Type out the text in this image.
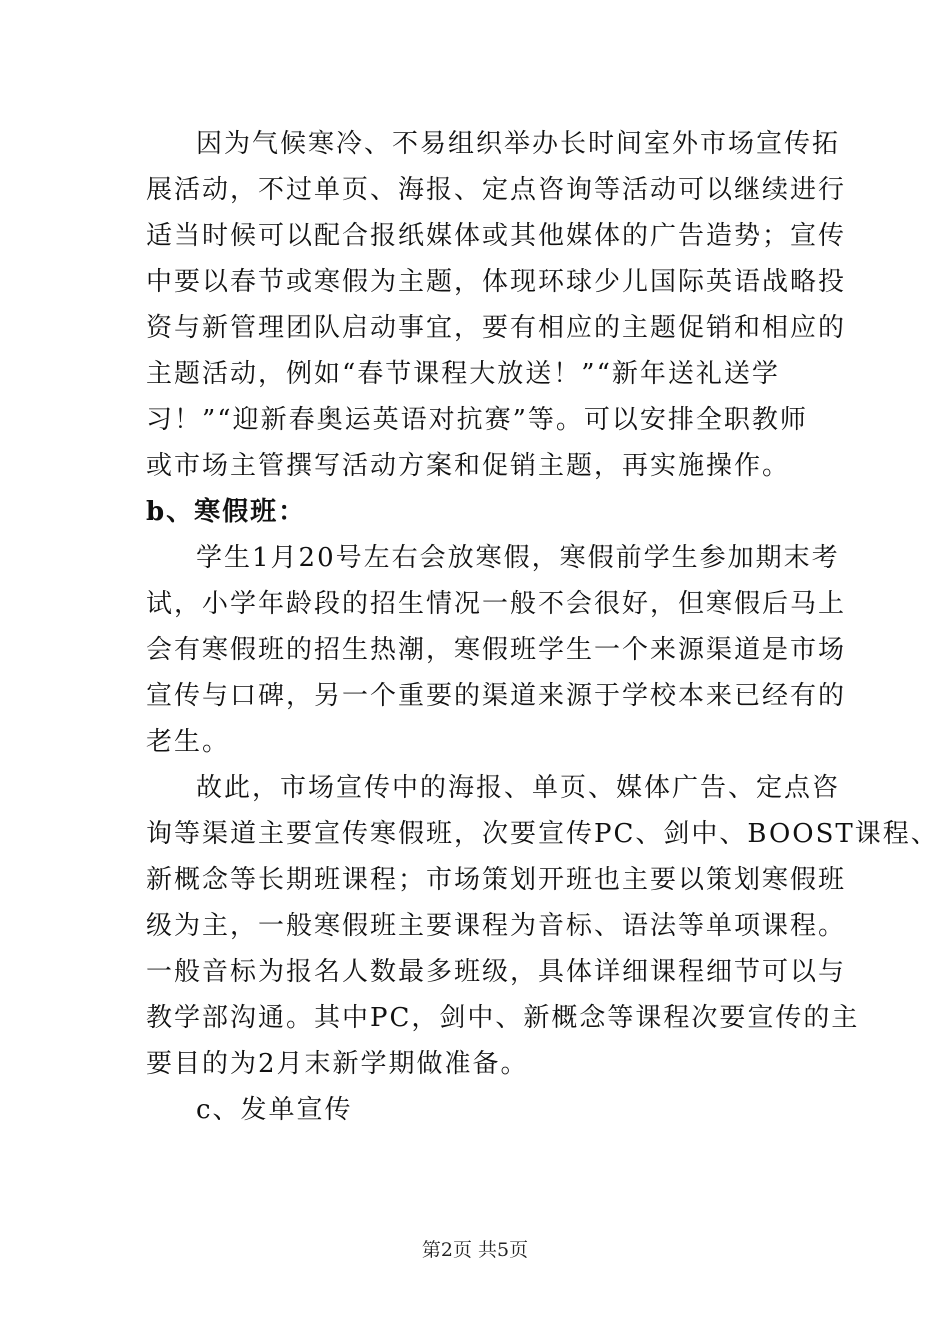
因为气候寒冷、不易组织举办长时间室外市场宣传拓
展活动，不过单页、海报、定点咨询等活动可以继续进行
适当时候可以配合报纸媒体或其他媒体的广告造势；宣传
中要以春节或寒假为主题，体现环球少儿国际英语战略投
资与新管理团队启动事宜，要有相应的主题促销和相应的
主题活动，例如“春节课程大放送！”“新年送礼送学
习！”“迎新春奥运英语对抗赛”等。可以安排全职教师
或市场主管撰写活动方案和促销主题，再实施操作。
b、寒假班：
学生1月20号左右会放寒假，寒假前学生参加期末考
试，小学年龄段的招生情况一般不会很好，但寒假后马上
会有寒假班的招生热潮，寒假班学生一个来源渠道是市场
宣传与口碑，另一个重要的渠道来源于学校本来已经有的
老生。
故此，市场宣传中的海报、单页、媒体广告、定点咨
询等渠道主要宣传寒假班，次要宣传PC、剑中、BOOST课程、
新概念等长期班课程；市场策划开班也主要以策划寒假班
级为主，一般寒假班主要课程为音标、语法等单项课程。
一般音标为报名人数最多班级，具体详细课程细节可以与
教学部沟通。其中PC，剑中、新概念等课程次要宣传的主
要目的为2月末新学期做准备。
c、发单宣传
第2页 共5页
